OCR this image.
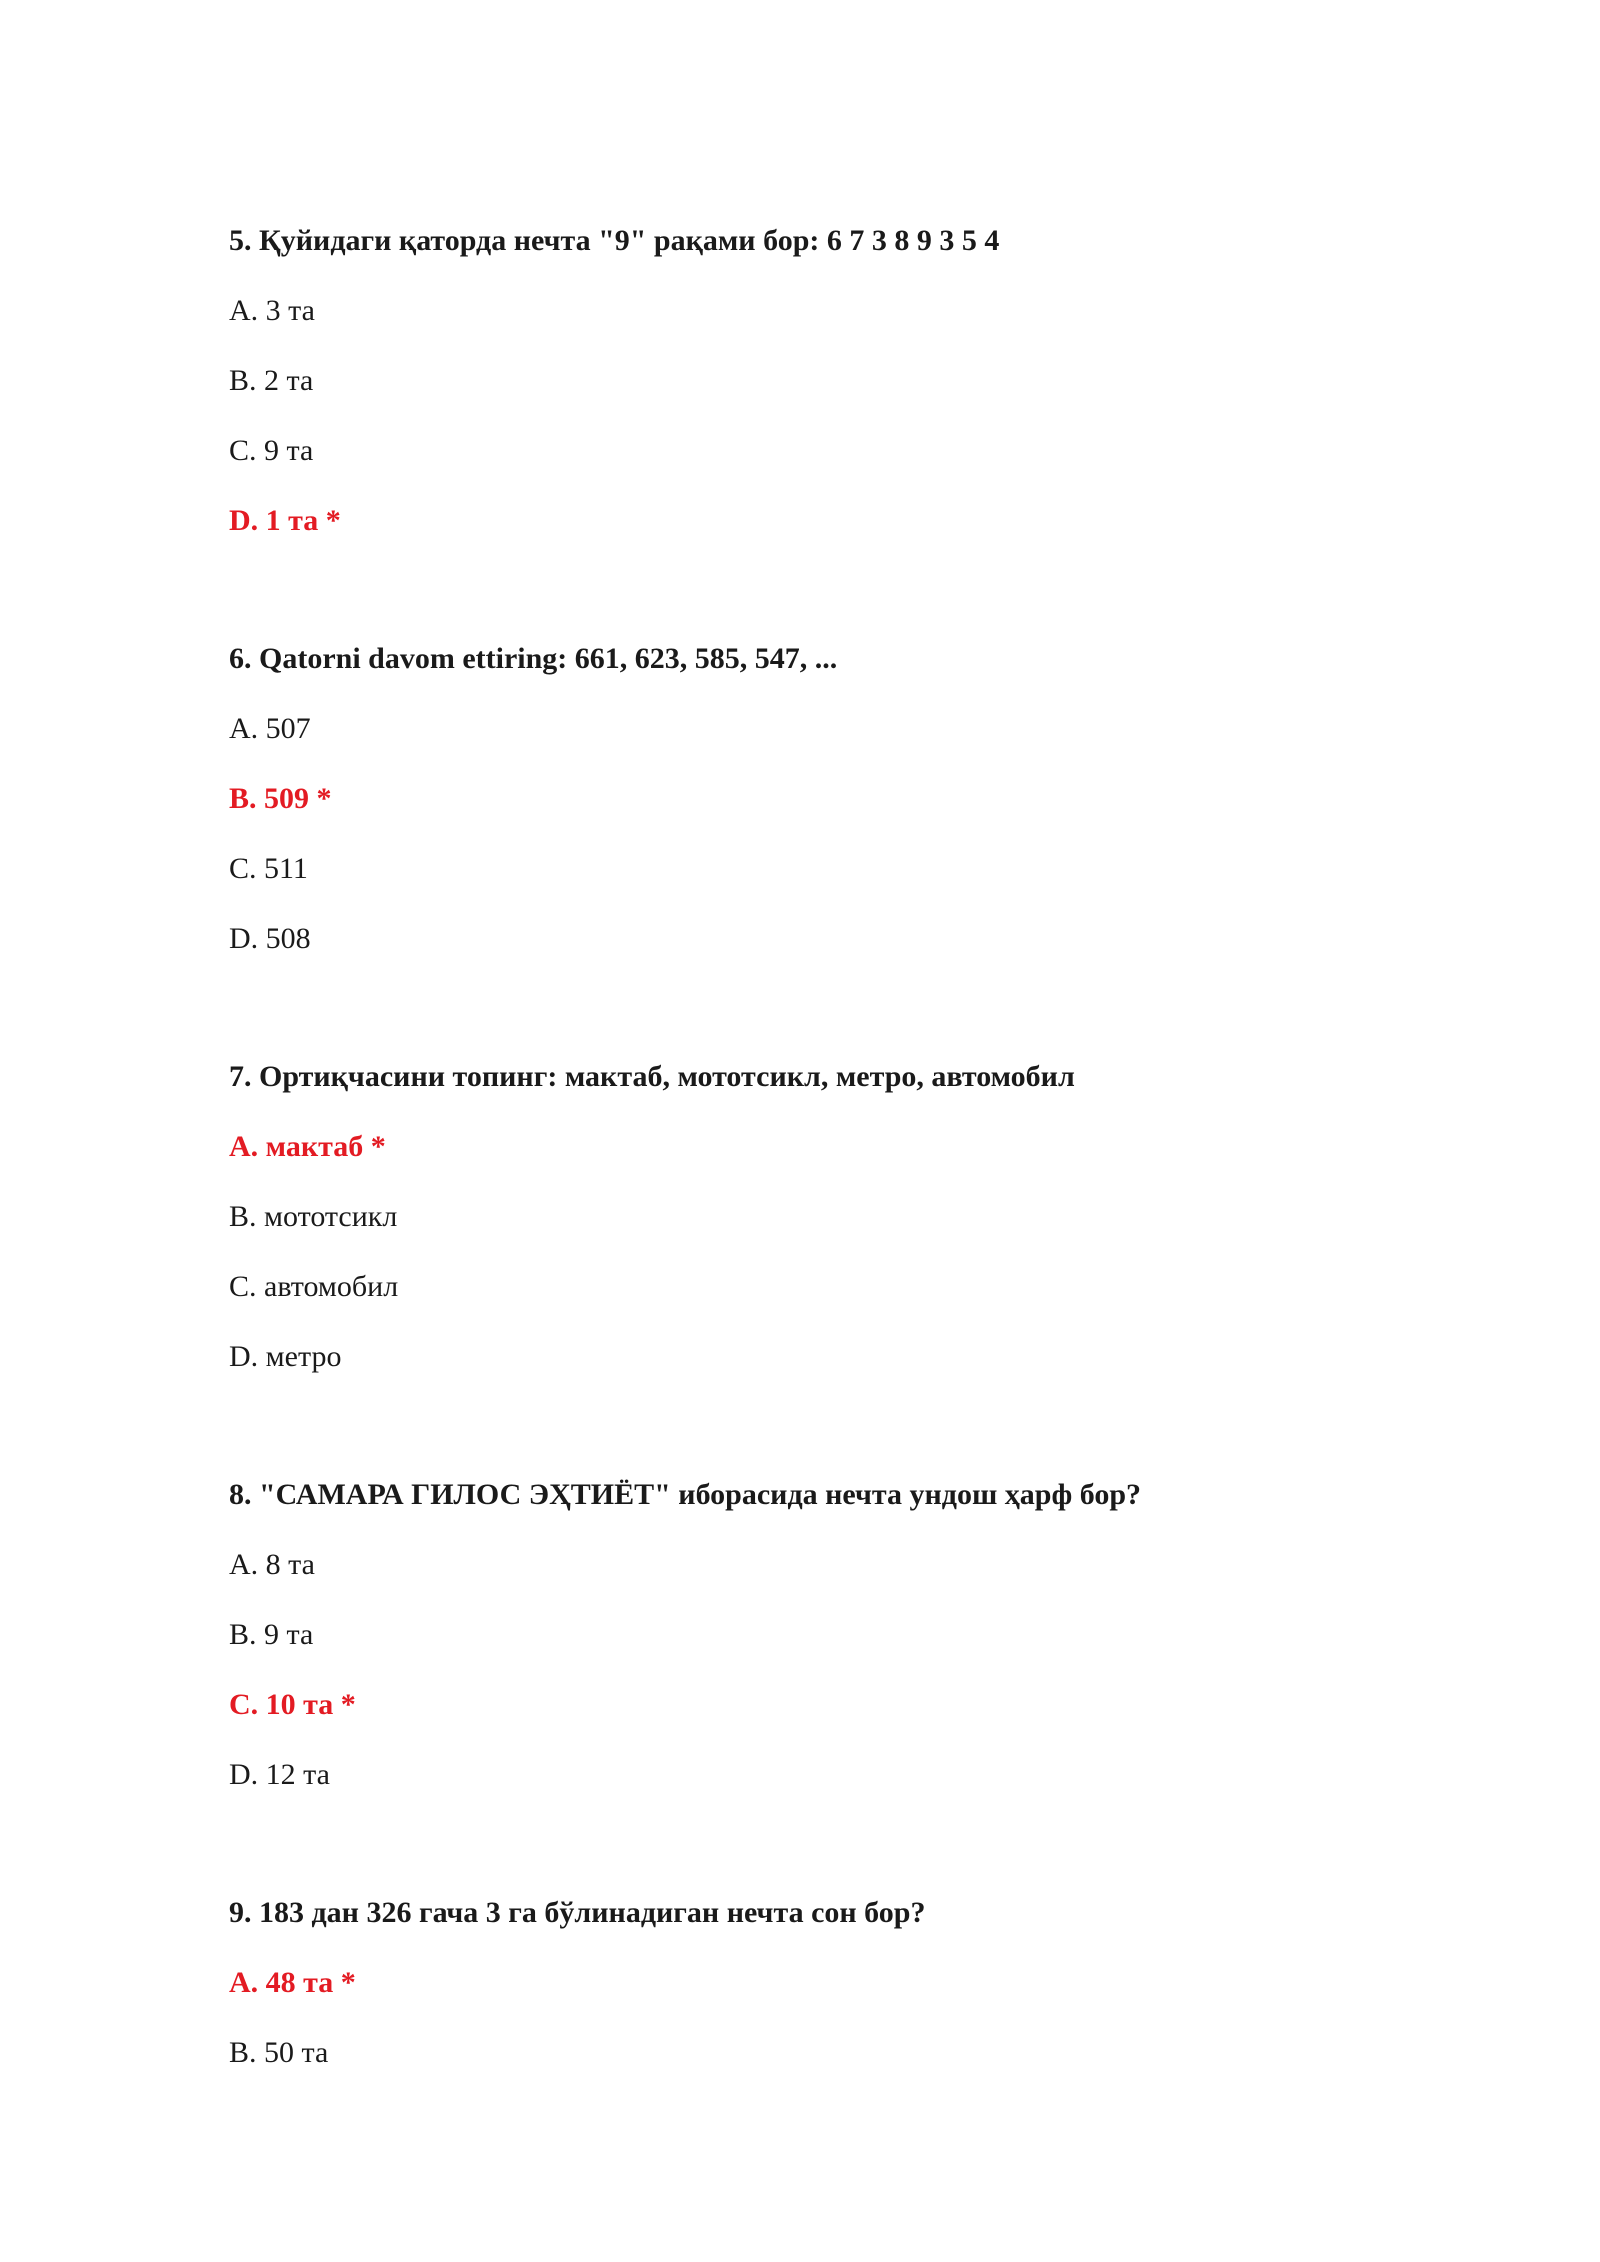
5. Қуйидаги қаторда нечта "9" рақами бор: 6 7 3 8 9 3 5 4
A. 3 та
B. 2 та
C. 9 та
D. 1 та *
6. Qatorni davom ettiring: 661, 623, 585, 547, ...
A. 507
B. 509 *
C. 511
D. 508
7. Ортиқчасини топинг: мактаб, мототсикл, метро, автомобил
A. мактаб *
B. мототсикл
C. автомобил
D. метро
8. "САМАРА ГИЛОС ЭҲТИЁТ" иборасида нечта ундош ҳарф бор?
A. 8 та
B. 9 та
C. 10 та *
D. 12 та
9. 183 дан 326 гача 3 га бўлинадиган нечта сон бор?
A. 48 та *
B. 50 та
